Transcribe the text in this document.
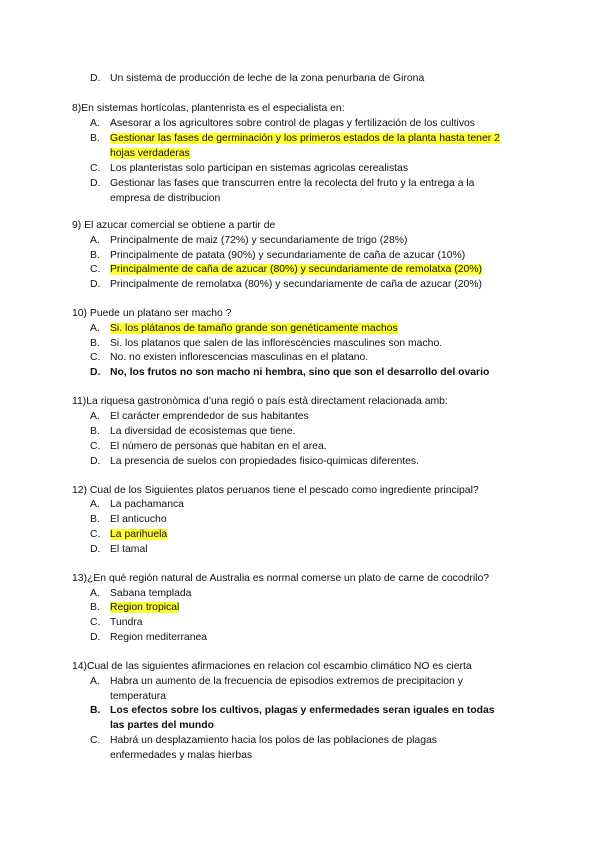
D. Un sistema de producción de leche de la zona penurbana de Girona

8)En sistemas hortícolas, plantenrista es el especialista en:

A. Asesorar a los agricultores sobre control de plagas y fertilización de los cultivos
B. Gestionar las fases de germinación y los primeros estados de la planta hasta tener 2
hojas verdaderas
C. Los planteristas solo participan en sistemas agricolas cerealistas
D. Gestionar las fases que transcurren entre la recolecta del fruto y la entrega a la
empresa de distribucion

9) El azucar comercial se obtiene a partir de

A. Principalmente de maiz (72%) y secundariamente de trigo (28%)
B. Principalmente de patata (90%) y secundariamente de caña de azucar (10%)
C. Principalmente de caña de azucar (80%) y secundariamente de remolatxa (20%)
D. Principalmente de remolatxa (80%) y secundariamente de caña de azucar (20%)

10) Puede un platano ser macho ?

A. Si. los plátanos de tamaño grande son genéticamente machos
B. Si. los platanos que salen de las inflorescències masculines son macho.
C. No. no existen inflorescencias masculinas en el platano.
D. No, los frutos no son macho ni hembra, sino que son el desarrollo del ovario

11)La riquesa gastronòmica d’una regió o país està directament relacionada amb:

A. El carácter emprendedor de sus habitantes
B. La diversidad de ecosistemas que tiene.
C. El número de personas que habitan en el area.
D. La presencia de suelos con propiedades fisico-quimicas diferentes.

12) Cual de los Siguientes platos peruanos tiene el pescado como ingrediente principal?

A. La pachamanca
B. El anticucho
C. La parihuela
D. El tamal

13)¿En qué región natural de Australia es normal comerse un plato de carne de cocodrilo?

A. Sabana templada
B. Region tropical
C. Tundra
D. Region mediterranea

14)Cual de las siguientes afirmaciones en relacion col escambio climático NO es cierta

A. Habra un aumento de la frecuencia de episodios extremos de precipitacion y
temperatura
B. Los efectos sobre los cultivos, plagas y enfermedades seran iguales en todas
las partes del mundo
C. Habrá un desplazamiento hacia los polos de las poblaciones de plagas
enfermedades y malas hierbas
